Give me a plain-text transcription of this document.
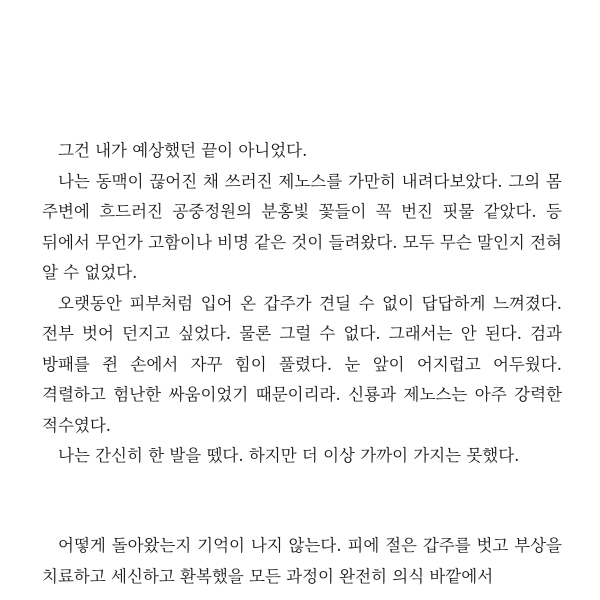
그건 내가 예상했던 끝이 아니었다.

나는 동맥이 끊어진 채 쓰러진 제노스를 가만히 내려다보았다. 그의 몸 주변에 흐드러진 공중정원의 분홍빛 꽃들이 꼭 번진 핏물 같았다. 등 뒤에서 무언가 고함이나 비명 같은 것이 들려왔다. 모두 무슨 말인지 전혀 알 수 없었다.

오랫동안 피부처럼 입어 온 갑주가 견딜 수 없이 답답하게 느껴졌다. 전부 벗어 던지고 싶었다. 물론 그럴 수 없다. 그래서는 안 된다. 검과 방패를 쥔 손에서 자꾸 힘이 풀렸다. 눈 앞이 어지럽고 어두웠다. 격렬하고 험난한 싸움이었기 때문이리라. 신룡과 제노스는 아주 강력한 적수였다.

나는 간신히 한 발을 뗐다. 하지만 더 이상 가까이 가지는 못했다.

어떻게 돌아왔는지 기억이 나지 않는다. 피에 절은 갑주를 벗고 부상을 치료하고 세신하고 환복했을 모든 과정이 완전히 의식 바깥에서
